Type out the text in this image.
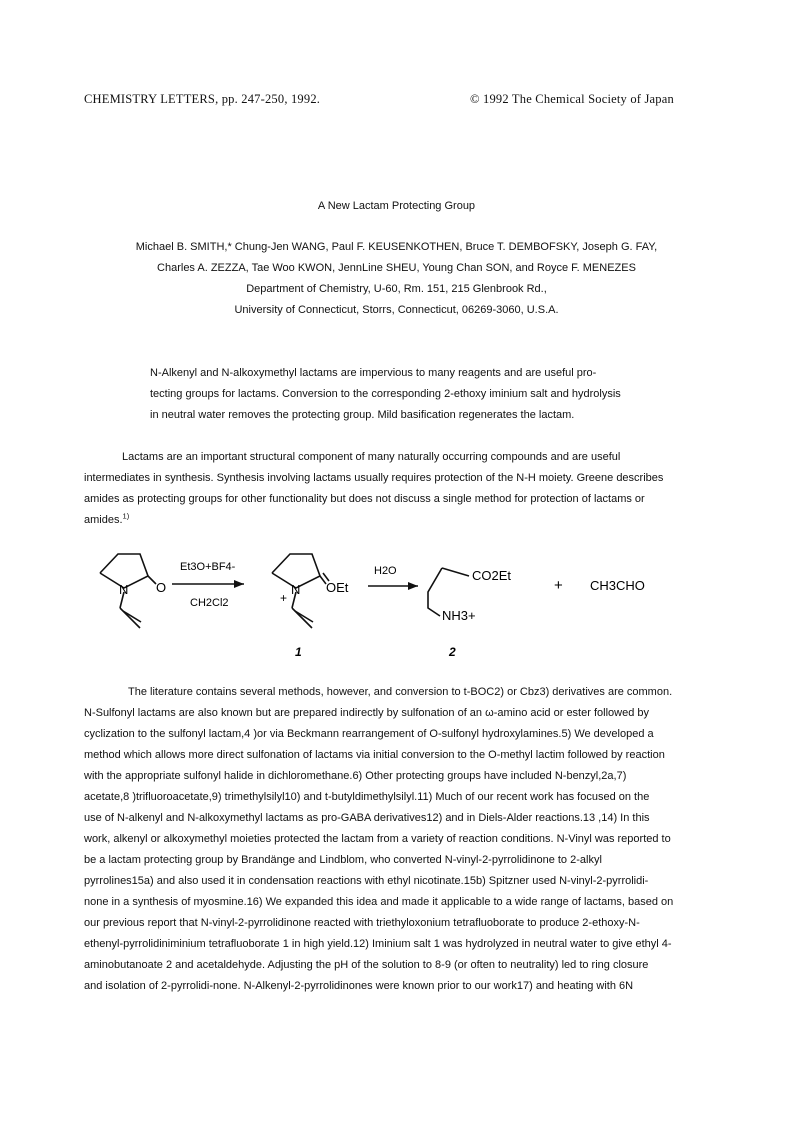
CHEMISTRY LETTERS, pp. 247-250, 1992.	© 1992 The Chemical Society of Japan
A New Lactam Protecting Group
Michael B. SMITH,* Chung-Jen WANG, Paul F. KEUSENKOTHEN, Bruce T. DEMBOFSKY, Joseph G. FAY,
Charles A. ZEZZA, Tae Woo KWON, JennLine SHEU, Young Chan SON, and Royce F. MENEZES
Department of Chemistry, U-60, Rm. 151, 215 Glenbrook Rd.,
University of Connecticut, Storrs, Connecticut, 06269-3060, U.S.A.
N-Alkenyl and N-alkoxymethyl lactams are impervious to many reagents and are useful pro-
tecting groups for lactams. Conversion to the corresponding 2-ethoxy iminium salt and hydrolysis
in neutral water removes the protecting group. Mild basification regenerates the lactam.
Lactams are an important structural component of many naturally occurring compounds and are useful
intermediates in synthesis. Synthesis involving lactams usually requires protection of the N-H moiety. Greene describes
amides as protecting groups for other functionality but does not discuss a single method for protection of lactams or
amides.$^{1)}$
N O
Et3O+BF4-
CH2Cl2
N
+
OEt
H2O	CO2Et
NH3+
+ CH3CHO
1	2
The literature contains several methods, however, and conversion to t-BOC2) or Cbz3) derivatives are common.
N-Sulfonyl lactams are also known but are prepared indirectly by sulfonation of an ω-amino acid or ester followed by
cyclization to the sulfonyl lactam,4 )or via Beckmann rearrangement of O-sulfonyl hydroxylamines.5) We developed a
method which allows more direct sulfonation of lactams via initial conversion to the O-methyl lactim followed by reaction
with the appropriate sulfonyl halide in dichloromethane.6) Other protecting groups have included N-benzyl,2a,7)
acetate,8 )trifluoroacetate,9) trimethylsilyl10) and t-butyldimethylsilyl.11) Much of our recent work has focused on the
use of N-alkenyl and N-alkoxymethyl lactams as pro-GABA derivatives12) and in Diels-Alder reactions.13 ,14) In this
work, alkenyl or alkoxymethyl moieties protected the lactam from a variety of reaction conditions. N-Vinyl was reported to
be a lactam protecting group by Brandänge and Lindblom, who converted N-vinyl-2-pyrrolidinone to 2-alkyl
pyrrolines15a) and also used it in condensation reactions with ethyl nicotinate.15b) Spitzner used N-vinyl-2-pyrrolidi-
none in a synthesis of myosmine.16) We expanded this idea and made it applicable to a wide range of lactams, based on
our previous report that N-vinyl-2-pyrrolidinone reacted with triethyloxonium tetrafluoborate to produce 2-ethoxy-N-
ethenyl-pyrrolidiniminium tetrafluoborate 1 in high yield.12) Iminium salt 1 was hydrolyzed in neutral water to give ethyl 4-
aminobutanoate 2 and acetaldehyde. Adjusting the pH of the solution to 8-9 (or often to neutrality) led to ring closure
and isolation of 2-pyrrolidi-none. N-Alkenyl-2-pyrrolidinones were known prior to our work17) and heating with 6N
